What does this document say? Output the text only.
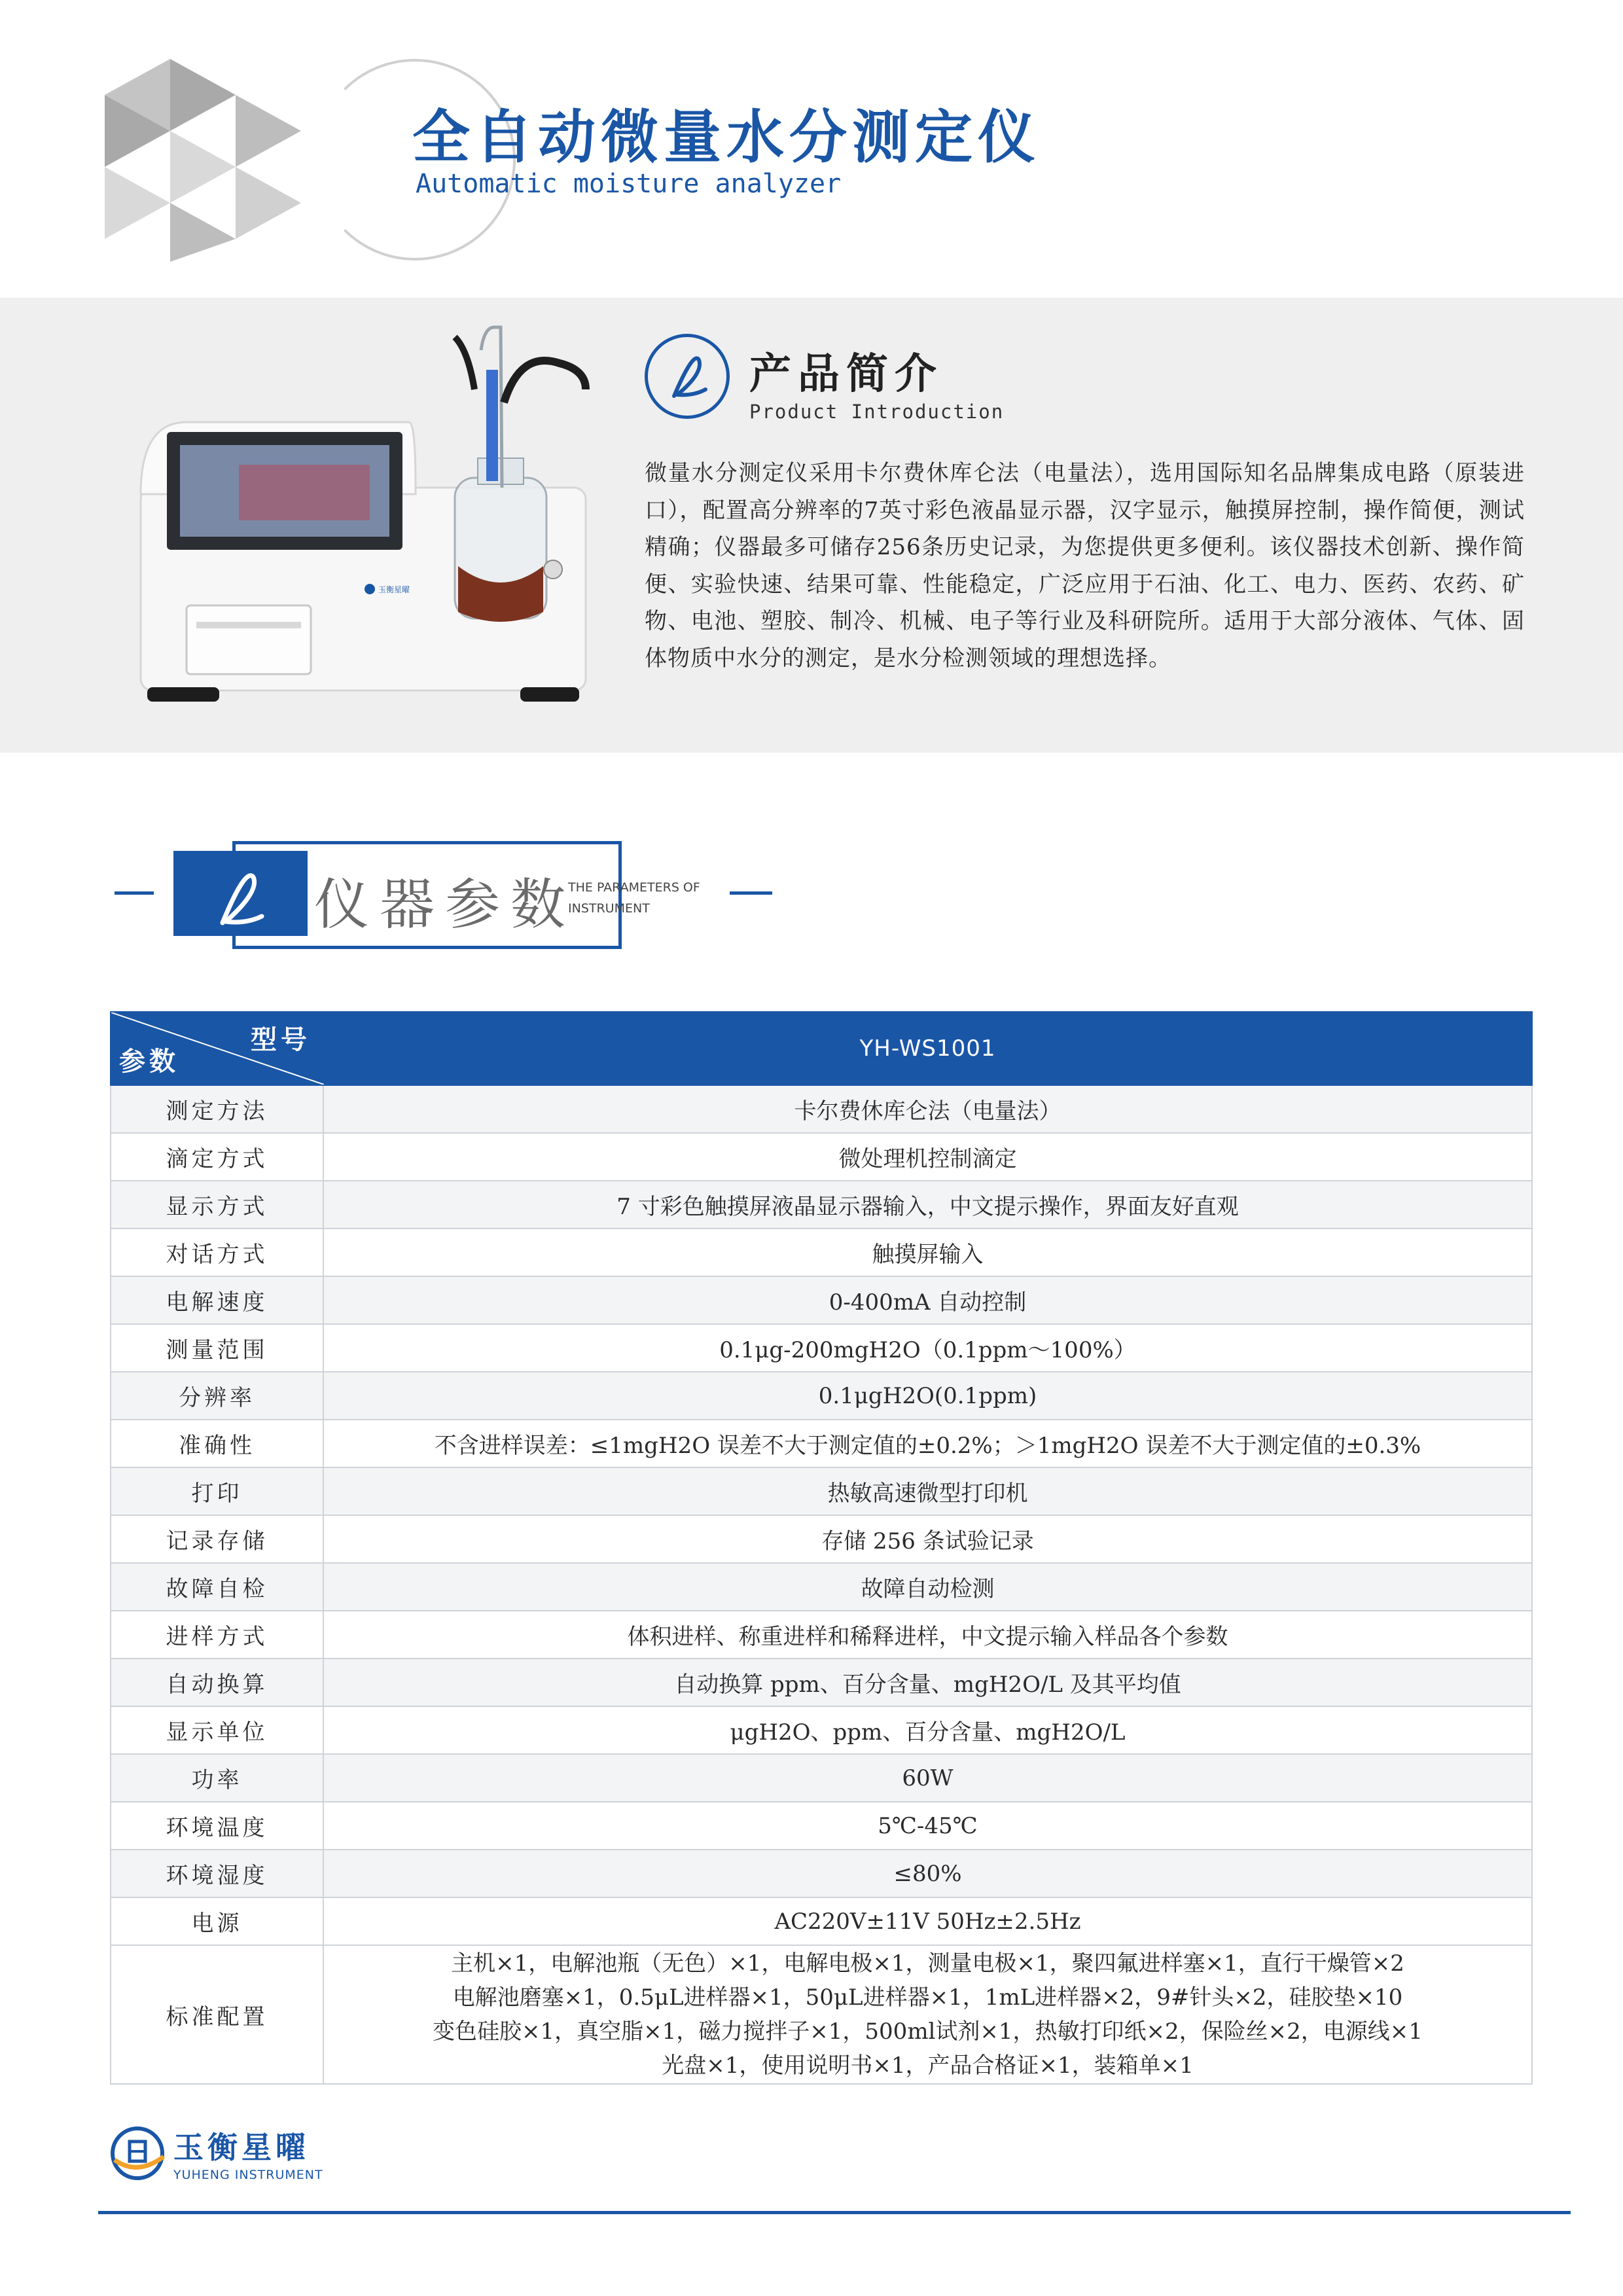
全自动微量水分测定仪
Automatic moisture analyzer
玉衡星曜
产品简介
Product Introduction
微量水分测定仪采用卡尔费休库仑法（电量法），选用国际知名品牌集成电路（原装进口），配置高分辨率的7英寸彩色液晶显示器，汉字显示，触摸屏控制，操作简便，测试精确；仪器最多可储存256条历史记录，为您提供更多便利。该仪器技术创新、操作简便、实验快速、结果可靠、性能稳定，广泛应用于石油、化工、电力、医药、农药、矿物、电池、塑胶、制冷、机械、电子等行业及科研院所。适用于大部分液体、气体、固体物质中水分的测定，是水分检测领域的理想选择。
仪器参数
THE PARAMETERS OF
INSTRUMENT
型号
参数	YH-WS1001
测定方法	卡尔费休库仑法（电量法）
滴定方式	微处理机控制滴定
显示方式	7 寸彩色触摸屏液晶显示器输入，中文提示操作，界面友好直观
对话方式	触摸屏输入
电解速度	0-400mA 自动控制
测量范围	0.1μg-200mgH2O（0.1ppm～100%）
分辨率	0.1μgH2O(0.1ppm)
准确性	不含进样误差：≤1mgH2O 误差不大于测定值的±0.2%；＞1mgH2O 误差不大于测定值的±0.3%
打印	热敏高速微型打印机
记录存储	存储 256 条试验记录
故障自检	故障自动检测
进样方式	体积进样、称重进样和稀释进样，中文提示输入样品各个参数
自动换算	自动换算 ppm、百分含量、mgH2O/L 及其平均值
显示单位	μgH2O、ppm、百分含量、mgH2O/L
功率	60W
环境温度	5℃-45℃
环境湿度	≤80%
电源	AC220V±11V 50Hz±2.5Hz
标准配置	主机×1，电解池瓶（无色）×1，电解电极×1，测量电极×1，聚四氟进样塞×1，直行干燥管×2
电解池磨塞×1，0.5μL进样器×1，50μL进样器×1，1mL进样器×2，9#针头×2，硅胶垫×10
变色硅胶×1，真空脂×1，磁力搅拌子×1，500ml试剂×1，热敏打印纸×2，保险丝×2，电源线×1
光盘×1，使用说明书×1，产品合格证×1，装箱单×1
玉衡星曜
YUHENG INSTRUMENT
